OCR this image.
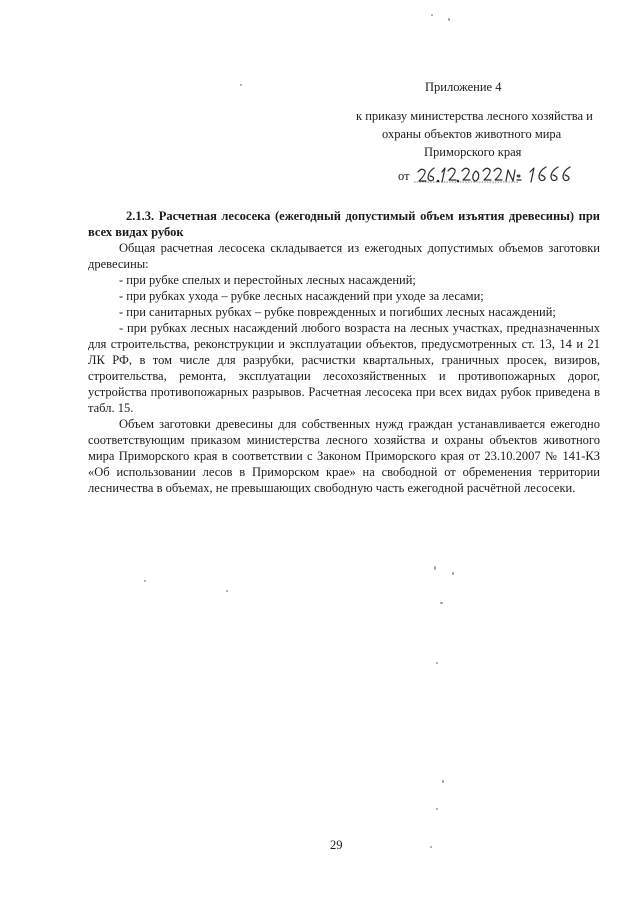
Приложение 4
к приказу министерства лесного хозяйства и
охраны объектов животного мира
Приморского края
от

2.1.3. Расчетная лесосека (ежегодный допустимый объем изъятия древесины) при всех видах рубок

Общая расчетная лесосека складывается из ежегодных допустимых объемов заготовки древесины:

- при рубке спелых и перестойных лесных насаждений;

- при рубках ухода – рубке лесных насаждений при уходе за лесами;

- при санитарных рубках – рубке поврежденных и погибших лесных насаждений;

- при рубках лесных насаждений любого возраста на лесных участках, предназначенных для строительства, реконструкции и эксплуатации объектов, предусмотренных ст. 13, 14 и 21 ЛК РФ, в том числе для разрубки, расчистки квартальных, граничных просек, визиров, строительства, ремонта, эксплуатации лесохозяйственных и противопожарных дорог, устройства противопожарных разрывов. Расчетная лесосека при всех видах рубок приведена в табл. 15.

Объем заготовки древесины для собственных нужд граждан устанавливается ежегодно соответствующим приказом министерства лесного хозяйства и охраны объектов животного мира Приморского края в соответствии с Законом Приморского края от 23.10.2007 № 141-КЗ «Об использовании лесов в Приморском крае» на свободной от обременения территории лесничества в объемах, не превышающих свободную часть ежегодной расчётной лесосеки.

29
